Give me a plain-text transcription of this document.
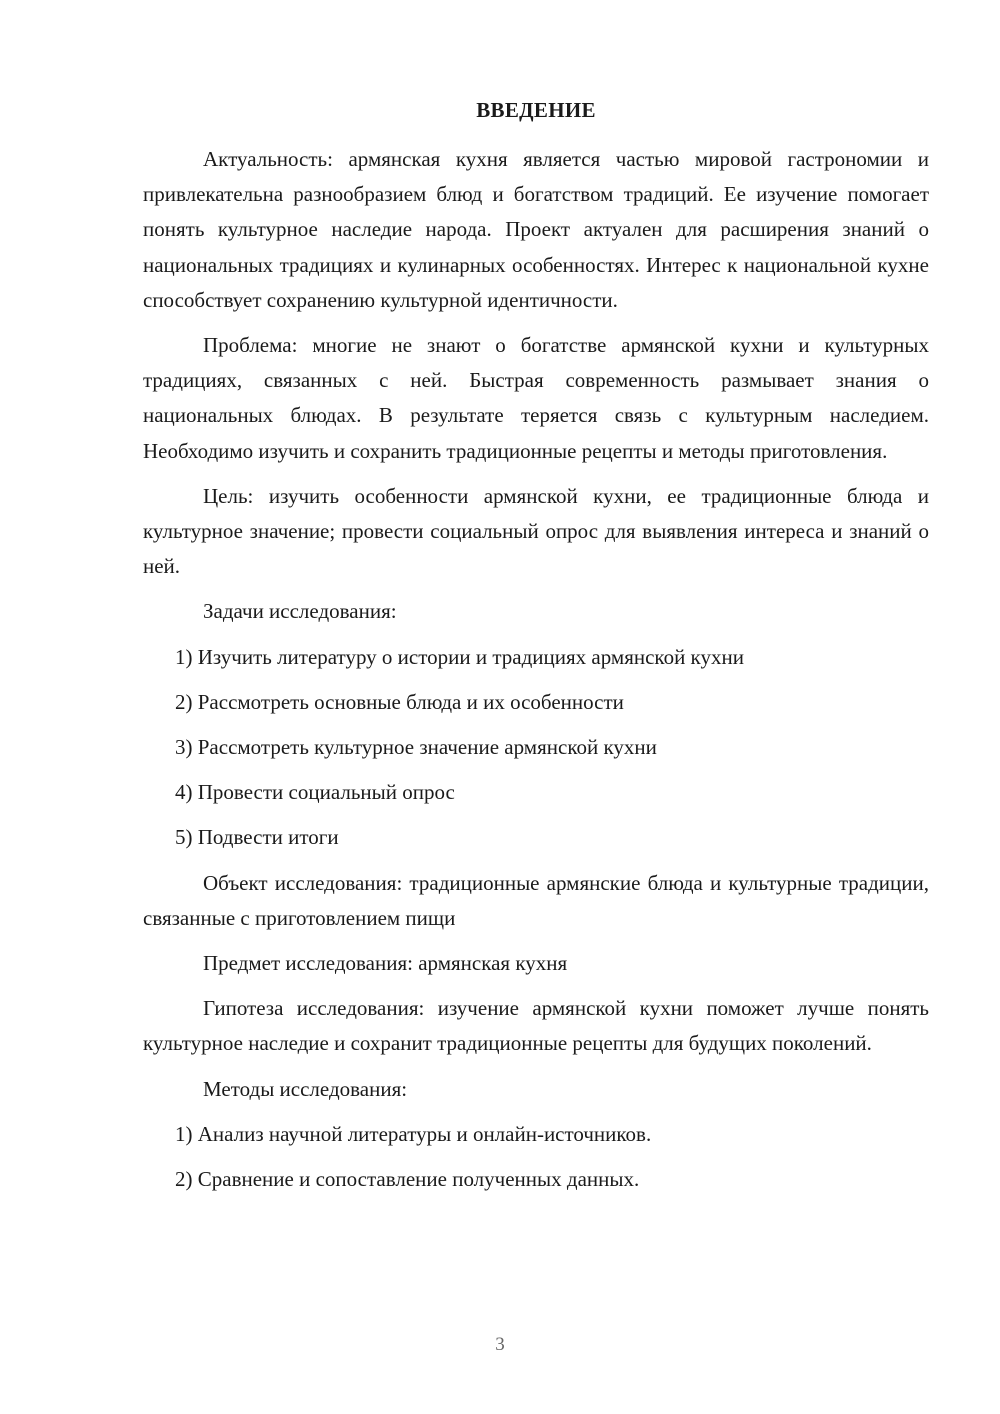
ВВЕДЕНИЕ

Актуальность: армянская кухня является частью мировой гастрономии и привлекательна разнообразием блюд и богатством традиций. Ее изучение помогает понять культурное наследие народа. Проект актуален для расширения знаний о национальных традициях и кулинарных особенностях. Интерес к национальной кухне способствует сохранению культурной идентичности.

Проблема: многие не знают о богатстве армянской кухни и культурных традициях, связанных с ней. Быстрая современность размывает знания о национальных блюдах. В результате теряется связь с культурным наследием. Необходимо изучить и сохранить традиционные рецепты и методы приготовления.

Цель: изучить особенности армянской кухни, ее традиционные блюда и культурное значение; провести социальный опрос для выявления интереса и знаний о ней.

Задачи исследования:
1) Изучить литературу о истории и традициях армянской кухни
2) Рассмотреть основные блюда и их особенности
3) Рассмотреть культурное значение армянской кухни
4) Провести социальный опрос
5) Подвести итоги

Объект исследования: традиционные армянские блюда и культурные традиции, связанные с приготовлением пищи

Предмет исследования: армянская кухня

Гипотеза исследования: изучение армянской кухни поможет лучше понять культурное наследие и сохранит традиционные рецепты для будущих поколений.

Методы исследования:
1) Анализ научной литературы и онлайн-источников.
2) Сравнение и сопоставление полученных данных.
3
